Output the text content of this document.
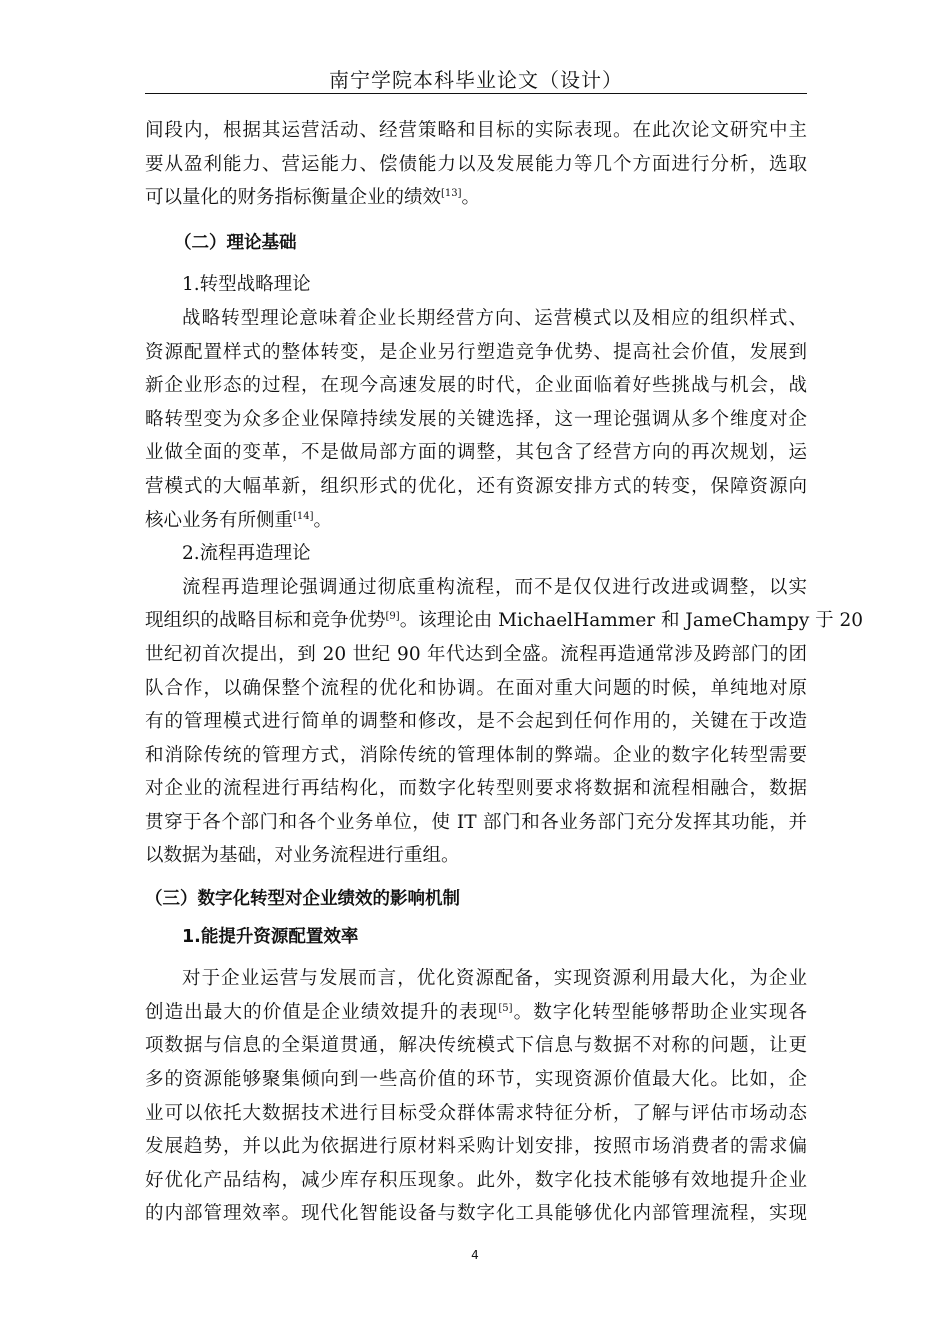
南宁学院本科毕业论文（设计）
间段内，根据其运营活动、经营策略和目标的实际表现。在此次论文研究中主
要从盈利能力、营运能力、偿债能力以及发展能力等几个方面进行分析，选取
可以量化的财务指标衡量企业的绩效[13]。
（二）理论基础
1.转型战略理论
战略转型理论意味着企业长期经营方向、运营模式以及相应的组织样式、
资源配置样式的整体转变，是企业另行塑造竞争优势、提高社会价值，发展到
新企业形态的过程，在现今高速发展的时代，企业面临着好些挑战与机会，战
略转型变为众多企业保障持续发展的关键选择，这一理论强调从多个维度对企
业做全面的变革，不是做局部方面的调整，其包含了经营方向的再次规划，运
营模式的大幅革新，组织形式的优化，还有资源安排方式的转变，保障资源向
核心业务有所侧重[14]。
2.流程再造理论
流程再造理论强调通过彻底重构流程，而不是仅仅进行改进或调整，以实
现组织的战略目标和竞争优势[9]。该理论由 MichaelHammer 和 JameChampy 于 20
世纪初首次提出，到 20 世纪 90 年代达到全盛。流程再造通常涉及跨部门的团
队合作，以确保整个流程的优化和协调。在面对重大问题的时候，单纯地对原
有的管理模式进行简单的调整和修改，是不会起到任何作用的，关键在于改造
和消除传统的管理方式，消除传统的管理体制的弊端。企业的数字化转型需要
对企业的流程进行再结构化，而数字化转型则要求将数据和流程相融合，数据
贯穿于各个部门和各个业务单位，使 IT 部门和各业务部门充分发挥其功能，并
以数据为基础，对业务流程进行重组。
（三）数字化转型对企业绩效的影响机制
1.能提升资源配置效率
对于企业运营与发展而言，优化资源配备，实现资源利用最大化，为企业
创造出最大的价值是企业绩效提升的表现[5]。数字化转型能够帮助企业实现各
项数据与信息的全渠道贯通，解决传统模式下信息与数据不对称的问题，让更
多的资源能够聚集倾向到一些高价值的环节，实现资源价值最大化。比如，企
业可以依托大数据技术进行目标受众群体需求特征分析，了解与评估市场动态
发展趋势，并以此为依据进行原材料采购计划安排，按照市场消费者的需求偏
好优化产品结构，减少库存积压现象。此外，数字化技术能够有效地提升企业
的内部管理效率。现代化智能设备与数字化工具能够优化内部管理流程，实现
4
